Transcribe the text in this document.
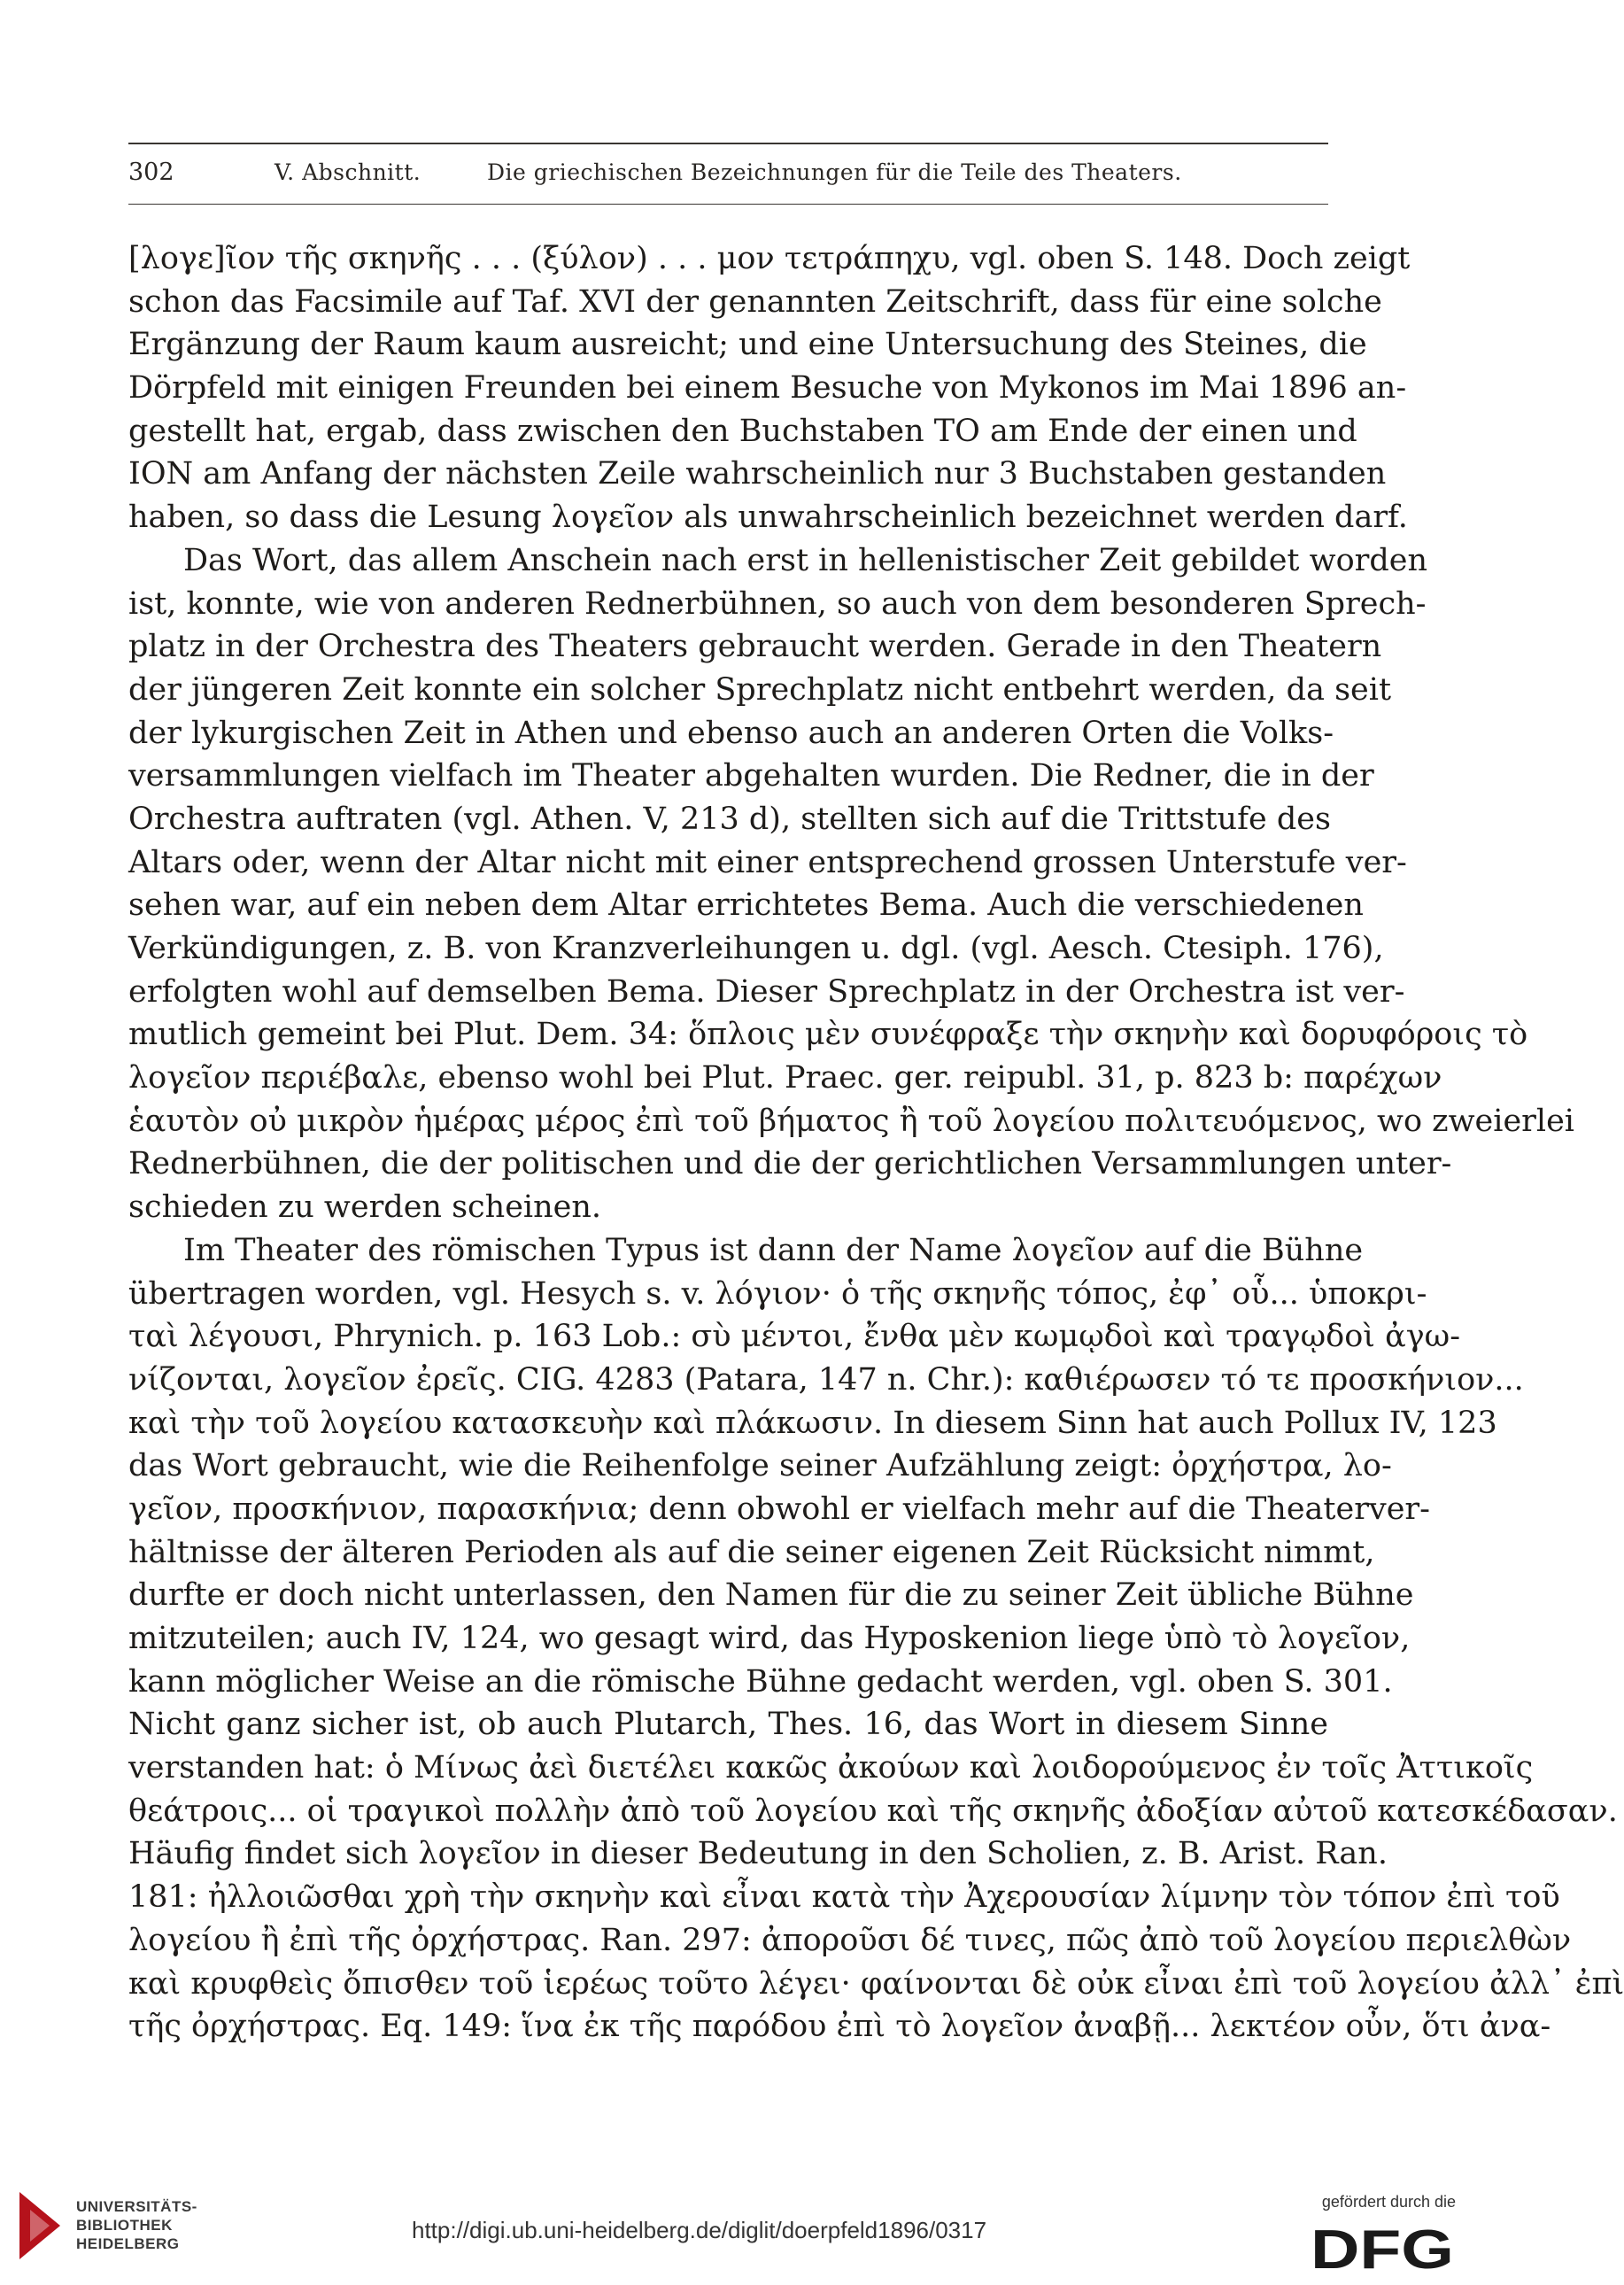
302	V. Abschnitt.	Die griechischen Bezeichnungen für die Teile des Theaters.
[λογε]ῖον τῆς σκηνῆς . . . (ξύλον) . . . μον τετράπηχυ, vgl. oben S. 148. Doch zeigt
schon das Facsimile auf Taf. XVI der genannten Zeitschrift, dass für eine solche
Ergänzung der Raum kaum ausreicht; und eine Untersuchung des Steines, die
Dörpfeld mit einigen Freunden bei einem Besuche von Mykonos im Mai 1896 an-
gestellt hat, ergab, dass zwischen den Buchstaben TO am Ende der einen und
ION am Anfang der nächsten Zeile wahrscheinlich nur 3 Buchstaben gestanden
haben, so dass die Lesung λογεῖον als unwahrscheinlich bezeichnet werden darf.
Das Wort, das allem Anschein nach erst in hellenistischer Zeit gebildet worden
ist, konnte, wie von anderen Rednerbühnen, so auch von dem besonderen Sprech-
platz in der Orchestra des Theaters gebraucht werden. Gerade in den Theatern
der jüngeren Zeit konnte ein solcher Sprechplatz nicht entbehrt werden, da seit
der lykurgischen Zeit in Athen und ebenso auch an anderen Orten die Volks-
versammlungen vielfach im Theater abgehalten wurden. Die Redner, die in der
Orchestra auftraten (vgl. Athen. V, 213 d), stellten sich auf die Trittstufe des
Altars oder, wenn der Altar nicht mit einer entsprechend grossen Unterstufe ver-
sehen war, auf ein neben dem Altar errichtetes Bema. Auch die verschiedenen
Verkündigungen, z. B. von Kranzverleihungen u. dgl. (vgl. Aesch. Ctesiph. 176),
erfolgten wohl auf demselben Bema. Dieser Sprechplatz in der Orchestra ist ver-
mutlich gemeint bei Plut. Dem. 34: ὅπλοις μὲν συνέφραξε τὴν σκηνὴν καὶ δορυφόροις τὸ
λογεῖον περιέβαλε, ebenso wohl bei Plut. Praec. ger. reipubl. 31, p. 823 b: παρέχων
ἑαυτὸν οὐ μικρὸν ἡμέρας μέρος ἐπὶ τοῦ βήματος ἢ τοῦ λογείου πολιτευόμενος, wo zweierlei
Rednerbühnen, die der politischen und die der gerichtlichen Versammlungen unter-
schieden zu werden scheinen.
Im Theater des römischen Typus ist dann der Name λογεῖον auf die Bühne
übertragen worden, vgl. Hesych s. v. λόγιον· ὁ τῆς σκηνῆς τόπος, ἐφ᾽ οὗ... ὑποκρι-
ταὶ λέγουσι, Phrynich. p. 163 Lob.: σὺ μέντοι, ἔνθα μὲν κωμῳδοὶ καὶ τραγῳδοὶ ἀγω-
νίζονται, λογεῖον ἐρεῖς. CIG. 4283 (Patara, 147 n. Chr.): καθιέρωσεν τό τε προσκήνιον...
καὶ τὴν τοῦ λογείου κατασκευὴν καὶ πλάκωσιν. In diesem Sinn hat auch Pollux IV, 123
das Wort gebraucht, wie die Reihenfolge seiner Aufzählung zeigt: ὀρχήστρα, λο-
γεῖον, προσκήνιον, παρασκήνια; denn obwohl er vielfach mehr auf die Theaterver-
hältnisse der älteren Perioden als auf die seiner eigenen Zeit Rücksicht nimmt,
durfte er doch nicht unterlassen, den Namen für die zu seiner Zeit übliche Bühne
mitzuteilen; auch IV, 124, wo gesagt wird, das Hyposkenion liege ὑπὸ τὸ λογεῖον,
kann möglicher Weise an die römische Bühne gedacht werden, vgl. oben S. 301.
Nicht ganz sicher ist, ob auch Plutarch, Thes. 16, das Wort in diesem Sinne
verstanden hat: ὁ Μίνως ἀεὶ διετέλει κακῶς ἀκούων καὶ λοιδορούμενος ἐν τοῖς Ἀττικοῖς
θεάτροις... οἱ τραγικοὶ πολλὴν ἀπὸ τοῦ λογείου καὶ τῆς σκηνῆς ἀδοξίαν αὐτοῦ κατεσκέδασαν.
Häufig findet sich λογεῖον in dieser Bedeutung in den Scholien, z. B. Arist. Ran.
181: ἠλλοιῶσθαι χρὴ τὴν σκηνὴν καὶ εἶναι κατὰ τὴν Ἀχερουσίαν λίμνην τὸν τόπον ἐπὶ τοῦ
λογείου ἢ ἐπὶ τῆς ὀρχήστρας. Ran. 297: ἀποροῦσι δέ τινες, πῶς ἀπὸ τοῦ λογείου περιελθὼν
καὶ κρυφθεὶς ὄπισθεν τοῦ ἱερέως τοῦτο λέγει· φαίνονται δὲ οὐκ εἶναι ἐπὶ τοῦ λογείου ἀλλ᾽ ἐπὶ
τῆς ὀρχήστρας. Eq. 149: ἵνα ἐκ τῆς παρόδου ἐπὶ τὸ λογεῖον ἀναβῇ... λεκτέον οὖν, ὅτι ἀνα-
UNIVERSITÄTS-
BIBLIOTHEK
HEIDELBERG
http://digi.ub.uni-heidelberg.de/diglit/doerpfeld1896/0317
gefördert durch die
DFG
